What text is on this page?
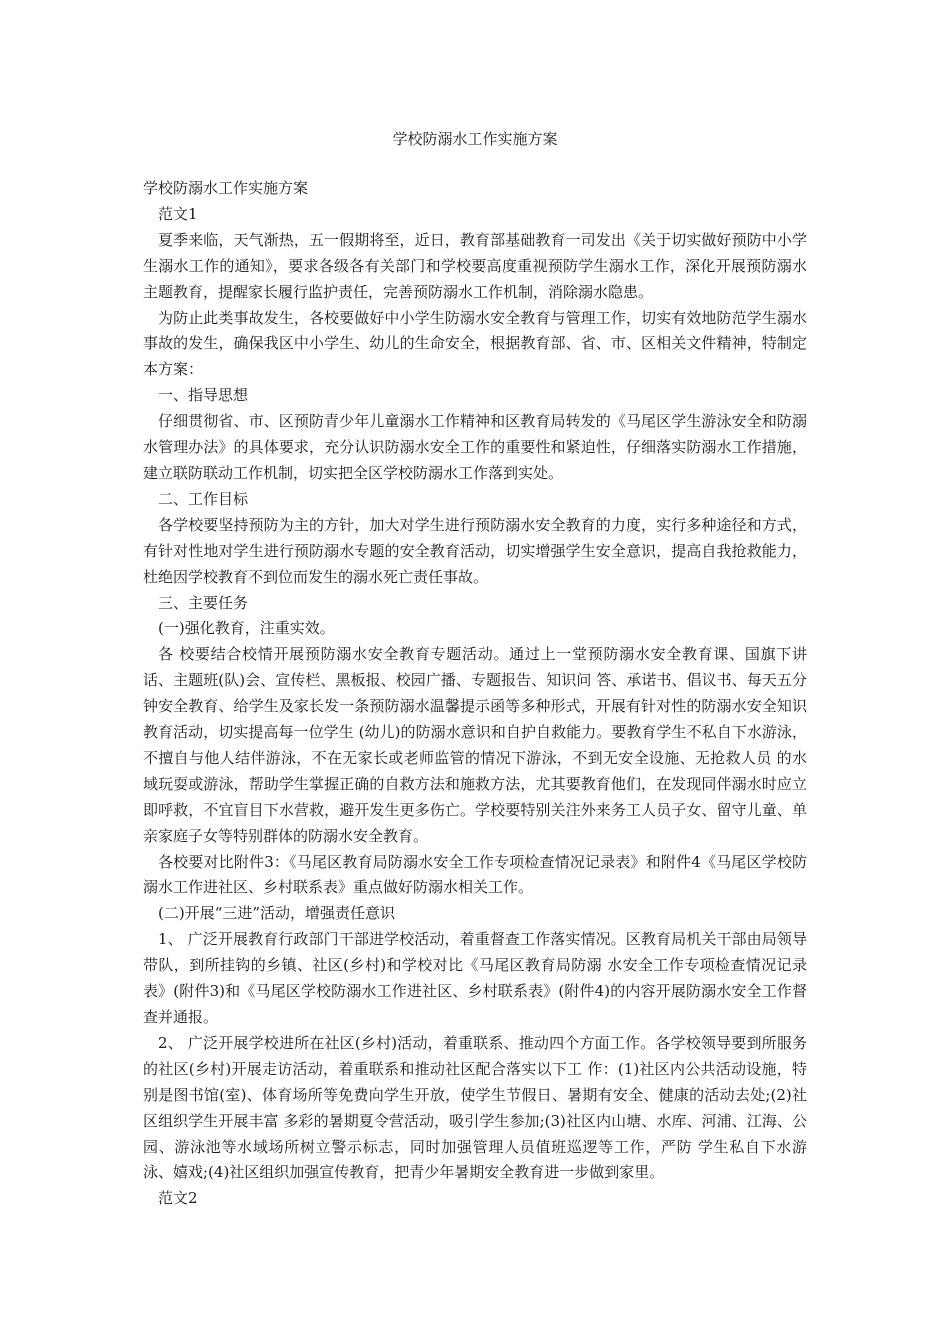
学校防溺水工作实施方案

学校防溺水工作实施方案

范文1

夏季来临，天气渐热，五一假期将至，近日，教育部基础教育一司发出《关于切实做好预防中小学生溺水工作的通知》，要求各级各有关部门和学校要高度重视预防学生溺水工作，深化开展预防溺水主题教育，提醒家长履行监护责任，完善预防溺水工作机制，消除溺水隐患。

为防止此类事故发生，各校要做好中小学生防溺水安全教育与管理工作，切实有效地防范学生溺水事故的发生，确保我区中小学生、幼儿的生命安全，根据教育部、省、市、区相关文件精神，特制定本方案：

一、指导思想

仔细贯彻省、市、区预防青少年儿童溺水工作精神和区教育局转发的《马尾区学生游泳安全和防溺水管理办法》的具体要求，充分认识防溺水安全工作的重要性和紧迫性，仔细落实防溺水工作措施，建立联防联动工作机制，切实把全区学校防溺水工作落到实处。

二、工作目标

各学校要坚持预防为主的方针，加大对学生进行预防溺水安全教育的力度，实行多种途径和方式，有针对性地对学生进行预防溺水专题的安全教育活动，切实增强学生安全意识，提高自我抢救能力，杜绝因学校教育不到位而发生的溺水死亡责任事故。

三、主要任务

(一)强化教育，注重实效。

各 校要结合校情开展预防溺水安全教育专题活动。通过上一堂预防溺水安全教育课、国旗下讲话、主题班(队)会、宣传栏、黑板报、校园广播、专题报告、知识问 答、承诺书、倡议书、每天五分钟安全教育、给学生及家长发一条预防溺水温馨提示函等多种形式，开展有针对性的防溺水安全知识教育活动，切实提高每一位学生 (幼儿)的防溺水意识和自护自救能力。要教育学生不私自下水游泳，不擅自与他人结伴游泳，不在无家长或老师监管的情况下游泳，不到无安全设施、无抢救人员 的水域玩耍或游泳，帮助学生掌握正确的自救方法和施救方法，尤其要教育他们，在发现同伴溺水时应立即呼救，不宜盲目下水营救，避开发生更多伤亡。学校要特别关注外来务工人员子女、留守儿童、单亲家庭子女等特别群体的防溺水安全教育。

各校要对比附件3：《马尾区教育局防溺水安全工作专项检查情况记录表》和附件4《马尾区学校防溺水工作进社区、乡村联系表》重点做好防溺水相关工作。

(二)开展“三进”活动，增强责任意识

1、 广泛开展教育行政部门干部进学校活动，着重督查工作落实情况。区教育局机关干部由局领导带队，到所挂钩的乡镇、社区(乡村)和学校对比《马尾区教育局防溺 水安全工作专项检查情况记录表》(附件3)和《马尾区学校防溺水工作进社区、乡村联系表》(附件4)的内容开展防溺水安全工作督查并通报。

2、 广泛开展学校进所在社区(乡村)活动，着重联系、推动四个方面工作。各学校领导要到所服务的社区(乡村)开展走访活动，着重联系和推动社区配合落实以下工 作：(1)社区内公共活动设施，特别是图书馆(室)、体育场所等免费向学生开放，使学生节假日、暑期有安全、健康的活动去处;(2)社区组织学生开展丰富 多彩的暑期夏令营活动，吸引学生参加;(3)社区内山塘、水库、河浦、江海、公园、游泳池等水域场所树立警示标志，同时加强管理人员值班巡逻等工作，严防 学生私自下水游泳、嬉戏;(4)社区组织加强宣传教育，把青少年暑期安全教育进一步做到家里。

范文2
